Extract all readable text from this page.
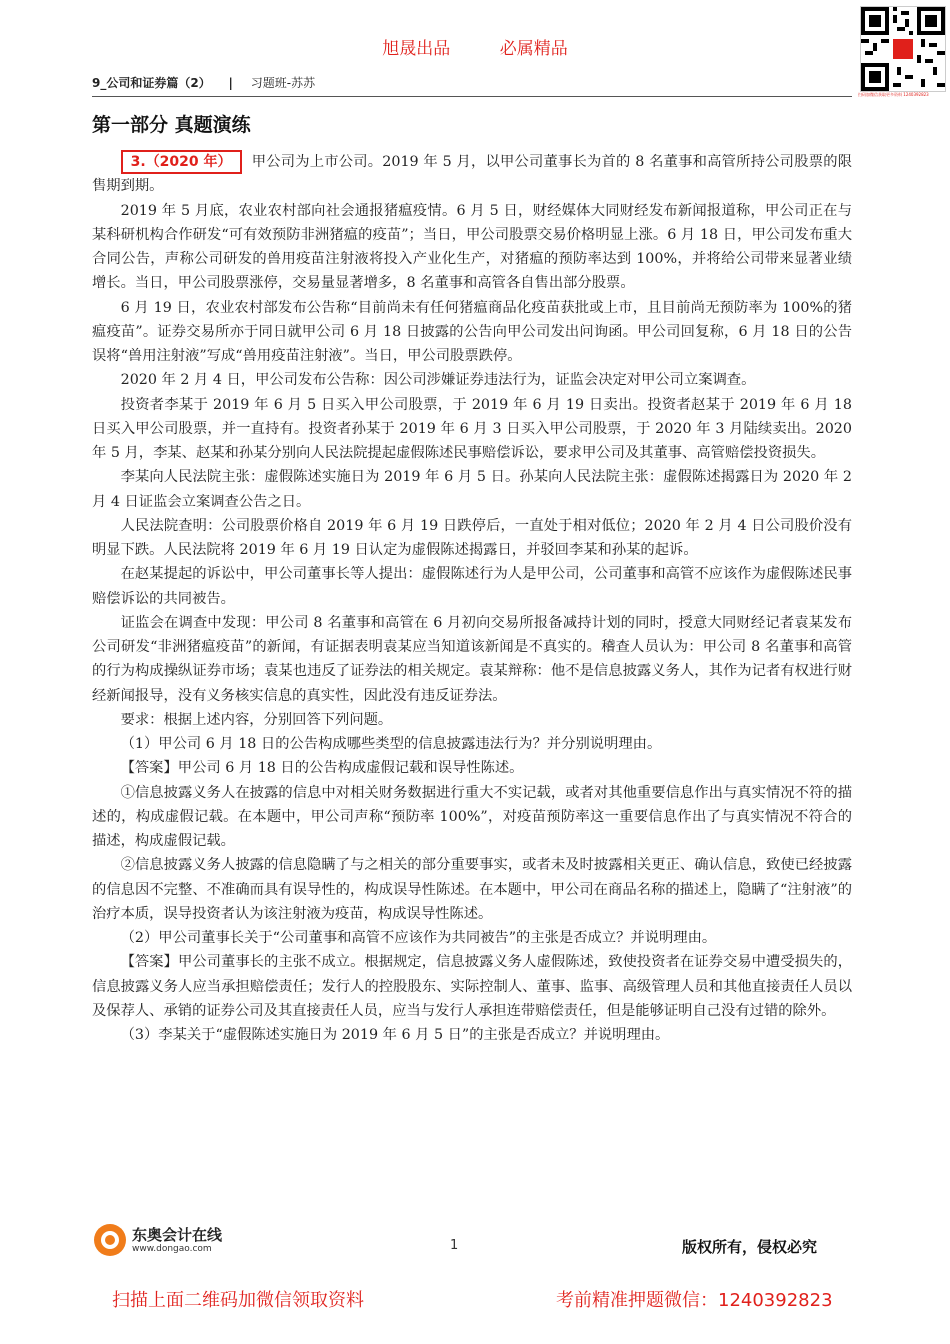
旭晟出品	必属精品
扫码加微信获取更多资料 1240392823
9_公司和证券篇（2） | 习题班-苏苏
第一部分 真题演练

3.（2020 年） 甲公司为上市公司。2019 年 5 月，以甲公司董事长为首的 8 名董事和高管所持公司股票的限售期到期。

2019 年 5 月底，农业农村部向社会通报猪瘟疫情。6 月 5 日，财经媒体大同财经发布新闻报道称，甲公司正在与某科研机构合作研发“可有效预防非洲猪瘟的疫苗”；当日，甲公司股票交易价格明显上涨。6 月 18 日，甲公司发布重大合同公告，声称公司研发的兽用疫苗注射液将投入产业化生产，对猪瘟的预防率达到 100%，并将给公司带来显著业绩增长。当日，甲公司股票涨停，交易量显著增多，8 名董事和高管各自售出部分股票。

6 月 19 日，农业农村部发布公告称“目前尚未有任何猪瘟商品化疫苗获批或上市，且目前尚无预防率为 100%的猪瘟疫苗”。证券交易所亦于同日就甲公司 6 月 18 日披露的公告向甲公司发出问询函。甲公司回复称，6 月 18 日的公告误将“兽用注射液”写成“兽用疫苗注射液”。当日，甲公司股票跌停。

2020 年 2 月 4 日，甲公司发布公告称：因公司涉嫌证券违法行为，证监会决定对甲公司立案调查。

投资者李某于 2019 年 6 月 5 日买入甲公司股票，于 2019 年 6 月 19 日卖出。投资者赵某于 2019 年 6 月 18 日买入甲公司股票，并一直持有。投资者孙某于 2019 年 6 月 3 日买入甲公司股票，于 2020 年 3 月陆续卖出。2020 年 5 月，李某、赵某和孙某分别向人民法院提起虚假陈述民事赔偿诉讼，要求甲公司及其董事、高管赔偿投资损失。

李某向人民法院主张：虚假陈述实施日为 2019 年 6 月 5 日。孙某向人民法院主张：虚假陈述揭露日为 2020 年 2 月 4 日证监会立案调查公告之日。

人民法院查明：公司股票价格自 2019 年 6 月 19 日跌停后，一直处于相对低位；2020 年 2 月 4 日公司股价没有明显下跌。人民法院将 2019 年 6 月 19 日认定为虚假陈述揭露日，并驳回李某和孙某的起诉。

在赵某提起的诉讼中，甲公司董事长等人提出：虚假陈述行为人是甲公司，公司董事和高管不应该作为虚假陈述民事赔偿诉讼的共同被告。

证监会在调查中发现：甲公司 8 名董事和高管在 6 月初向交易所报备减持计划的同时，授意大同财经记者袁某发布公司研发“非洲猪瘟疫苗”的新闻，有证据表明袁某应当知道该新闻是不真实的。稽查人员认为：甲公司 8 名董事和高管的行为构成操纵证券市场；袁某也违反了证券法的相关规定。袁某辩称：他不是信息披露义务人，其作为记者有权进行财经新闻报导，没有义务核实信息的真实性，因此没有违反证券法。

要求：根据上述内容，分别回答下列问题。

（1）甲公司 6 月 18 日的公告构成哪些类型的信息披露违法行为？并分别说明理由。

【答案】甲公司 6 月 18 日的公告构成虚假记载和误导性陈述。

①信息披露义务人在披露的信息中对相关财务数据进行重大不实记载，或者对其他重要信息作出与真实情况不符的描述的，构成虚假记载。在本题中，甲公司声称“预防率 100%”，对疫苗预防率这一重要信息作出了与真实情况不符合的描述，构成虚假记载。

②信息披露义务人披露的信息隐瞒了与之相关的部分重要事实，或者未及时披露相关更正、确认信息，致使已经披露的信息因不完整、不准确而具有误导性的，构成误导性陈述。在本题中，甲公司在商品名称的描述上，隐瞒了“注射液”的治疗本质，误导投资者认为该注射液为疫苗，构成误导性陈述。

（2）甲公司董事长关于“公司董事和高管不应该作为共同被告”的主张是否成立？并说明理由。

【答案】甲公司董事长的主张不成立。根据规定，信息披露义务人虚假陈述，致使投资者在证券交易中遭受损失的，信息披露义务人应当承担赔偿责任；发行人的控股股东、实际控制人、董事、监事、高级管理人员和其他直接责任人员以及保荐人、承销的证券公司及其直接责任人员，应当与发行人承担连带赔偿责任，但是能够证明自己没有过错的除外。

（3）李某关于“虚假陈述实施日为 2019 年 6 月 5 日”的主张是否成立？并说明理由。

东奥会计在线
www.dongao.com	1	版权所有，侵权必究
扫描上面二维码加微信领取资料	考前精准押题微信：1240392823
